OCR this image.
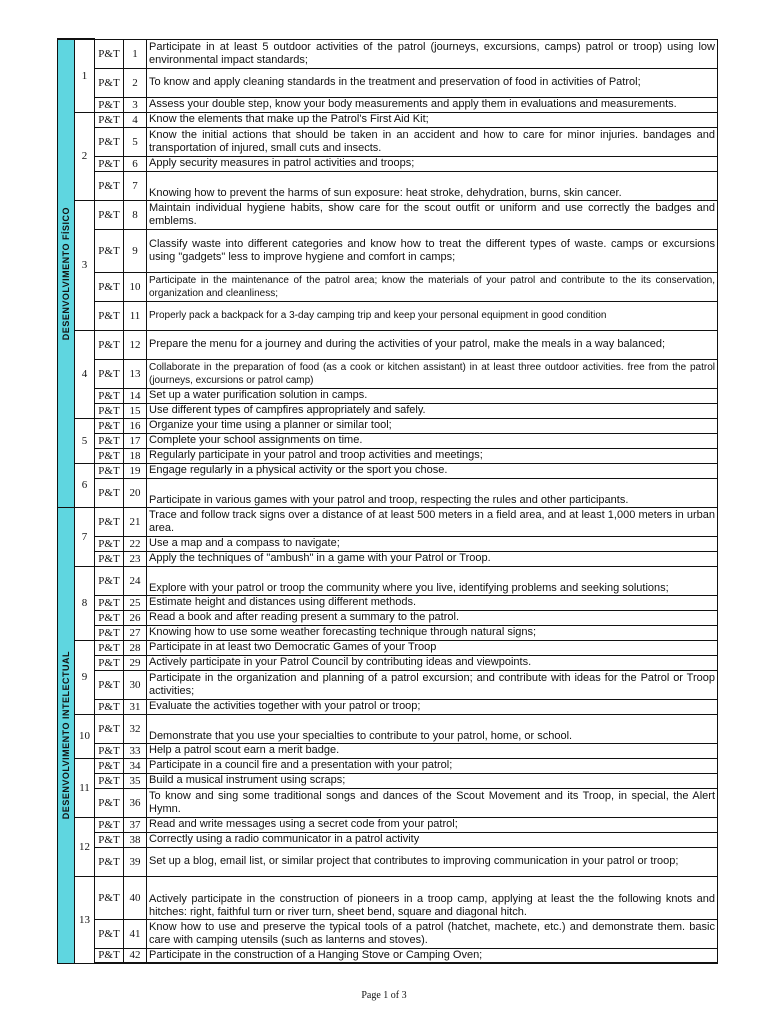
DESENVOLVIMENTO FÍSICO	1	P&T	1	Participate in at least 5 outdoor activities of the patrol (journeys, excursions, camps) patrol or troop) using low environmental impact standards;
		P&T	2	To know and apply cleaning standards in the treatment and preservation of food in activities of Patrol;
		P&T	3	Assess your double step, know your body measurements and apply them in evaluations and measurements.
	2	P&T	4	Know the elements that make up the Patrol's First Aid Kit;
		P&T	5	Know the initial actions that should be taken in an accident and how to care for minor injuries. bandages and transportation of injured, small cuts and insects.
		P&T	6	Apply security measures in patrol activities and troops;
		P&T	7	Knowing how to prevent the harms of sun exposure: heat stroke, dehydration, burns, skin cancer.
	3	P&T	8	Maintain individual hygiene habits, show care for the scout outfit or uniform and use correctly the badges and emblems.
		P&T	9	Classify waste into different categories and know how to treat the different types of waste. camps or excursions using "gadgets" less to improve hygiene and comfort in camps;
		P&T	10	Participate in the maintenance of the patrol area; know the materials of your patrol and contribute to the its conservation, organization and cleanliness;
		P&T	11	Properly pack a backpack for a 3-day camping trip and keep your personal equipment in good condition
	4	P&T	12	Prepare the menu for a journey and during the activities of your patrol, make the meals in a way balanced;
		P&T	13	Collaborate in the preparation of food (as a cook or kitchen assistant) in at least three outdoor activities. free from the patrol (journeys, excursions or patrol camp)
		P&T	14	Set up a water purification solution in camps.
		P&T	15	Use different types of campfires appropriately and safely.
	5	P&T	16	Organize your time using a planner or similar tool;
		P&T	17	Complete your school assignments on time.
		P&T	18	Regularly participate in your patrol and troop activities and meetings;
	6	P&T	19	Engage regularly in a physical activity or the sport you chose.
		P&T	20	Participate in various games with your patrol and troop, respecting the rules and other participants.

DESENVOLVIMENTO INTELECTUAL	7	P&T	21	Trace and follow track signs over a distance of at least 500 meters in a field area, and at least 1,000 meters in urban area.
		P&T	22	Use a map and a compass to navigate;
		P&T	23	Apply the techniques of "ambush" in a game with your Patrol or Troop.
	8	P&T	24	Explore with your patrol or troop the community where you live, identifying problems and seeking solutions;
		P&T	25	Estimate height and distances using different methods.
		P&T	26	Read a book and after reading present a summary to the patrol.
		P&T	27	Knowing how to use some weather forecasting technique through natural signs;
	9	P&T	28	Participate in at least two Democratic Games of your Troop
		P&T	29	Actively participate in your Patrol Council by contributing ideas and viewpoints.
		P&T	30	Participate in the organization and planning of a patrol excursion; and contribute with ideas for the Patrol or Troop activities;
		P&T	31	Evaluate the activities together with your patrol or troop;
	10	P&T	32	Demonstrate that you use your specialties to contribute to your patrol, home, or school.
		P&T	33	Help a patrol scout earn a merit badge.
	11	P&T	34	Participate in a council fire and a presentation with your patrol;
		P&T	35	Build a musical instrument using scraps;
		P&T	36	To know and sing some traditional songs and dances of the Scout Movement and its Troop, in special, the Alert Hymn.
	12	P&T	37	Read and write messages using a secret code from your patrol;
		P&T	38	Correctly using a radio communicator in a patrol activity
		P&T	39	Set up a blog, email list, or similar project that contributes to improving communication in your patrol or troop;
	13	P&T	40	Actively participate in the construction of pioneers in a troop camp, applying at least the the following knots and hitches: right, faithful turn or river turn, sheet bend, square and diagonal hitch.
		P&T	41	Know how to use and preserve the typical tools of a patrol (hatchet, machete, etc.) and demonstrate them. basic care with camping utensils (such as lanterns and stoves).
		P&T	42	Participate in the construction of a Hanging Stove or Camping Oven;
Page 1 of 3
